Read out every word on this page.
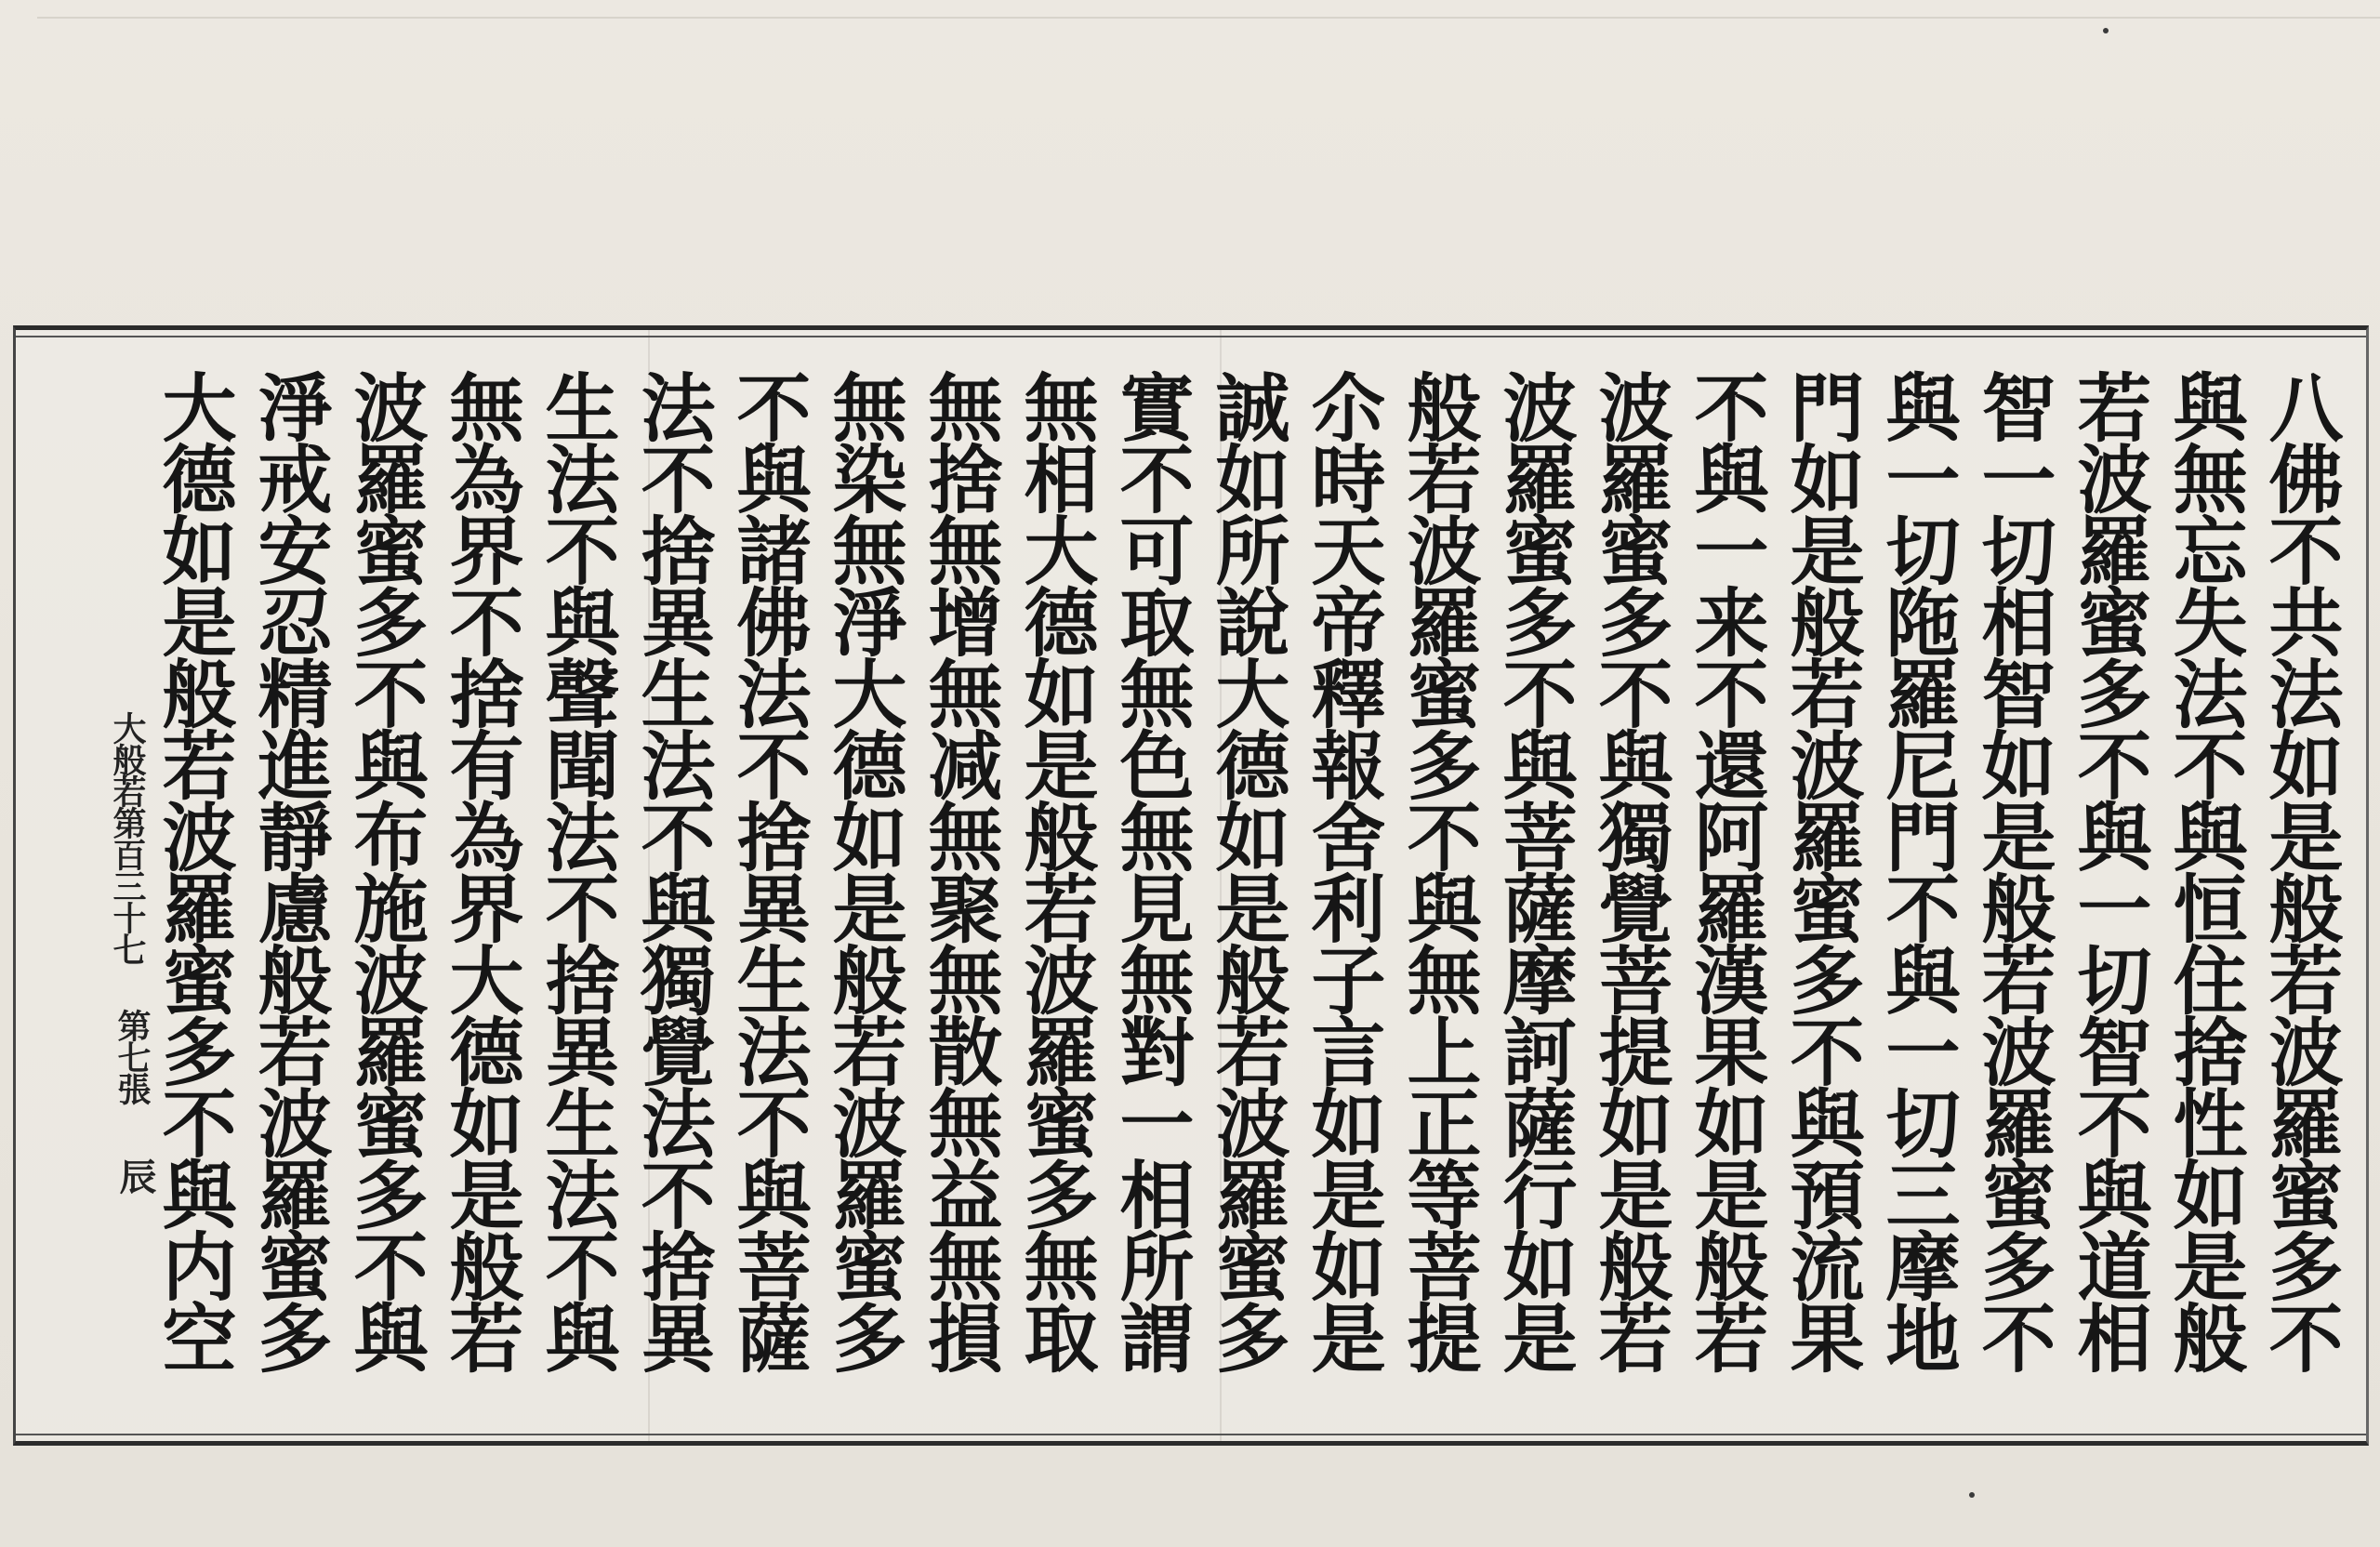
八佛不共法如是般若波羅蜜多不
與無忘失法不與恒住捨性如是般
若波羅蜜多不與一切智不與道相
智一切相智如是般若波羅蜜多不
與一切陁羅尼門不與一切三摩地
門如是般若波羅蜜多不與預流果
不與一来不還阿羅漢果如是般若
波羅蜜多不與獨覺菩提如是般若
波羅蜜多不與菩薩摩訶薩行如是
般若波羅蜜多不與無上正等菩提
尒時天帝釋報舍利子言如是如是
誠如所說大德如是般若波羅蜜多
實不可取無色無見無對一相所謂
無相大德如是般若波羅蜜多無取
無捨無增無减無聚無散無益無損
無染無淨大德如是般若波羅蜜多
不與諸佛法不捨異生法不與菩薩
法不捨異生法不與獨覺法不捨異
生法不與聲聞法不捨異生法不與
無為界不捨有為界大德如是般若
波羅蜜多不與布施波羅蜜多不與
淨戒安忍精進靜慮般若波羅蜜多
大德如是般若波羅蜜多不與内空
大般若第百三十七
第七張
辰
